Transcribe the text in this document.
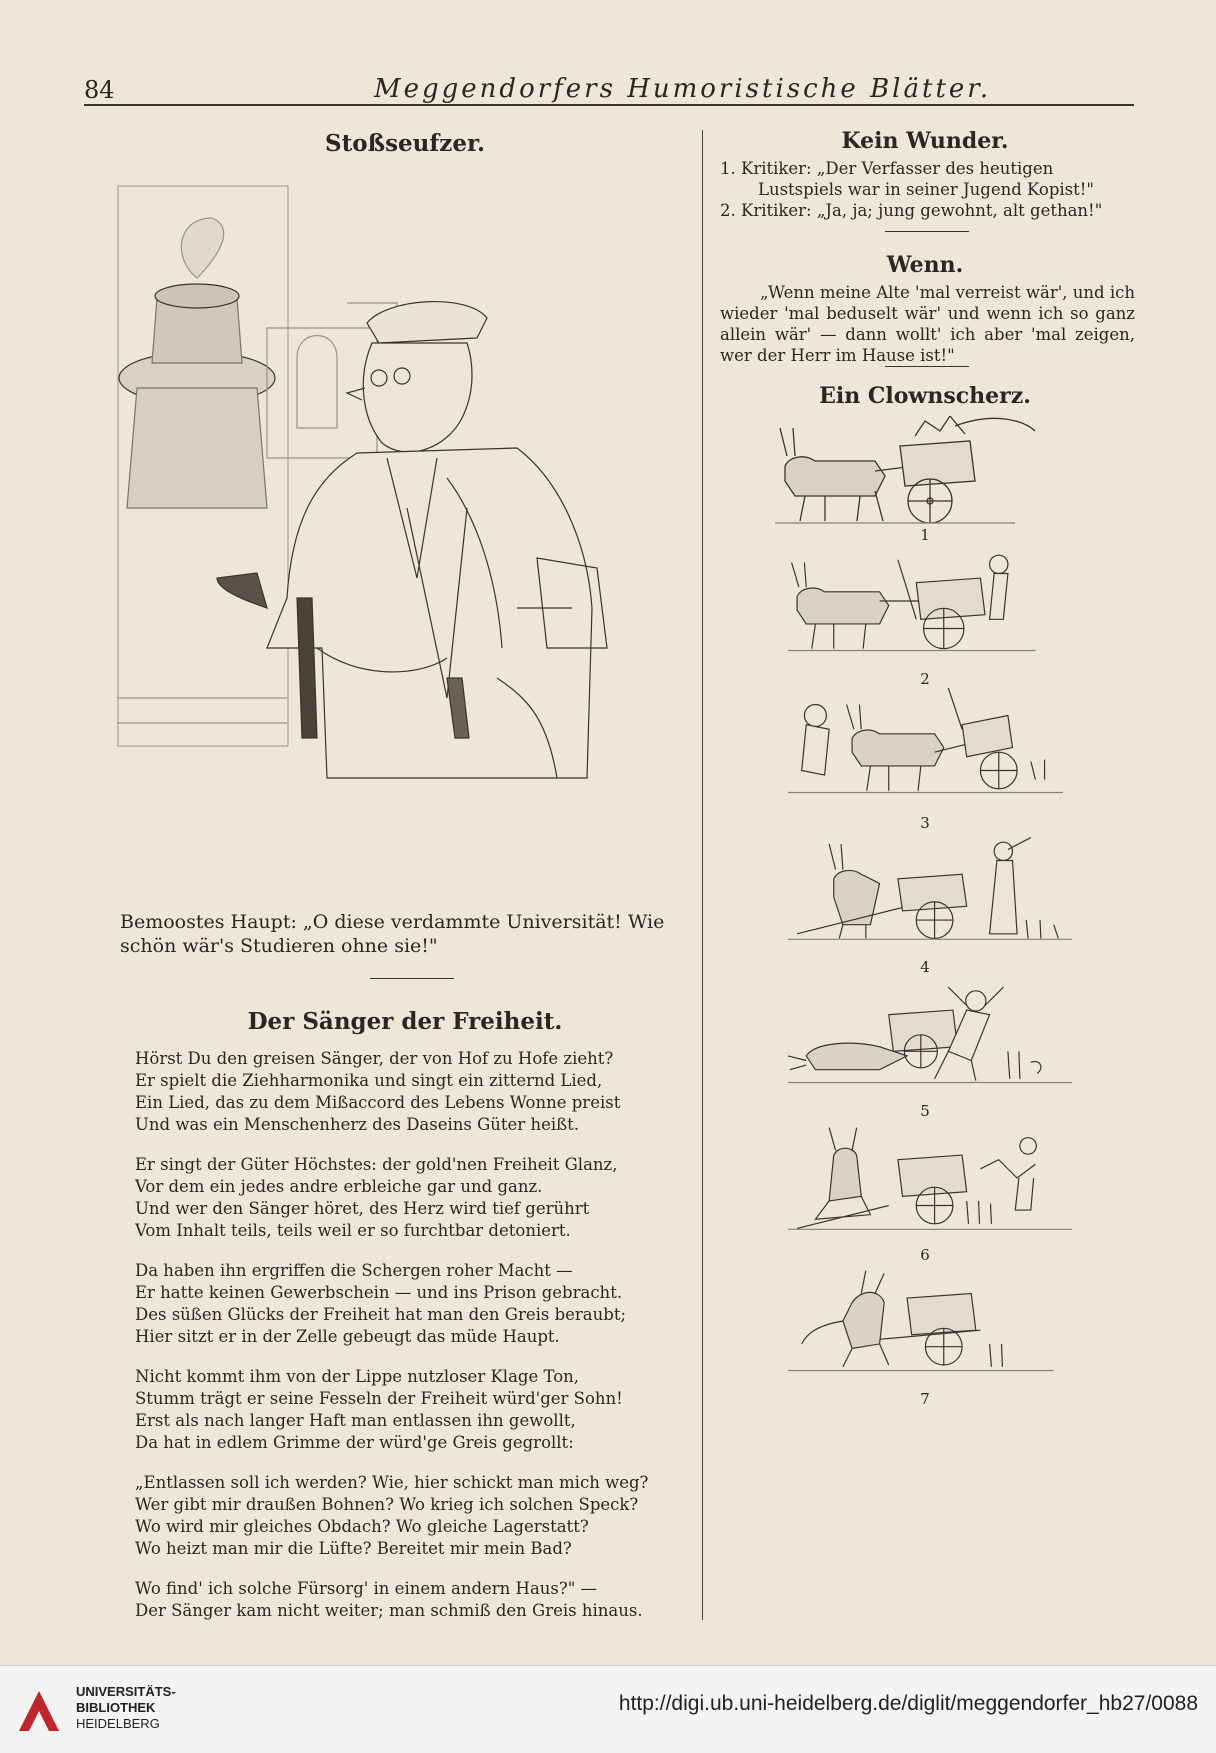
84	Meggendorfers Humoristische Blätter.
Stoßseufzer.
Bemoostes Haupt: „O diese verdammte Universität! Wie schön wär's Studieren ohne sie!"
Der Sänger der Freiheit.
Hörst Du den greisen Sänger, der von Hof zu Hofe zieht?
Er spielt die Ziehharmonika und singt ein zitternd Lied,
Ein Lied, das zu dem Mißaccord des Lebens Wonne preist
Und was ein Menschenherz des Daseins Güter heißt.
Er singt der Güter Höchstes: der gold'nen Freiheit Glanz,
Vor dem ein jedes andre erbleiche gar und ganz.
Und wer den Sänger höret, des Herz wird tief gerührt
Vom Inhalt teils, teils weil er so furchtbar detoniert.
Da haben ihn ergriffen die Schergen roher Macht —
Er hatte keinen Gewerbschein — und ins Prison gebracht.
Des süßen Glücks der Freiheit hat man den Greis beraubt;
Hier sitzt er in der Zelle gebeugt das müde Haupt.
Nicht kommt ihm von der Lippe nutzloser Klage Ton,
Stumm trägt er seine Fesseln der Freiheit würd'ger Sohn!
Erst als nach langer Haft man entlassen ihn gewollt,
Da hat in edlem Grimme der würd'ge Greis gegrollt:
„Entlassen soll ich werden? Wie, hier schickt man mich weg?
Wer gibt mir draußen Bohnen? Wo krieg ich solchen Speck?
Wo wird mir gleiches Obdach? Wo gleiche Lagerstatt?
Wo heizt man mir die Lüfte? Bereitet mir mein Bad?
Wo find' ich solche Fürsorg' in einem andern Haus?" —
Der Sänger kam nicht weiter; man schmiß den Greis hinaus.
Kein Wunder.
1. Kritiker: „Der Verfasser des heutigen Lustspiels war in seiner Jugend Kopist!"
2. Kritiker: „Ja, ja; jung gewohnt, alt gethan!"
Wenn.
„Wenn meine Alte 'mal verreist wär', und ich wieder 'mal beduselt wär' und wenn ich so ganz allein wär' — dann wollt' ich aber 'mal zeigen, wer der Herr im Hause ist!"
Ein Clownscherz.
1
2
3
4
5
6
7
UNIVERSITÄTS-
BIBLIOTHEK
HEIDELBERG
http://digi.ub.uni-heidelberg.de/diglit/meggendorfer_hb27/0088
